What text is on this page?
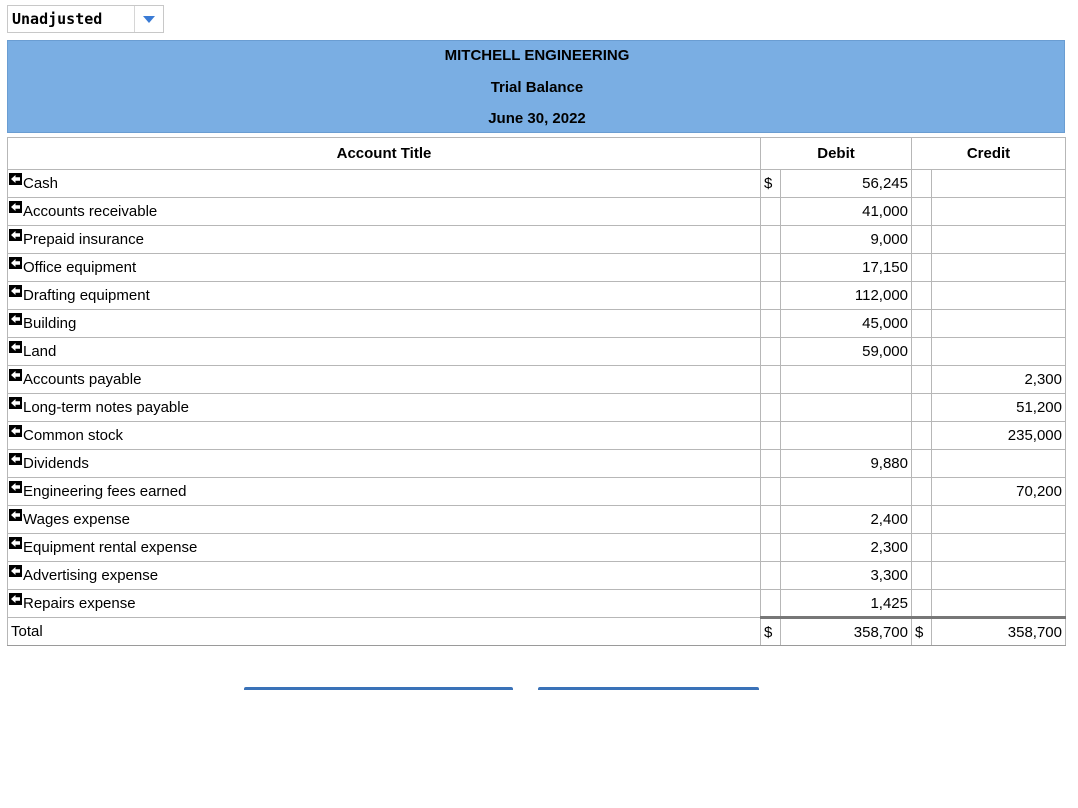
Unadjusted
MITCHELL ENGINEERING
Trial Balance
June 30, 2022
Account Title	Debit		Credit	

Cash	$	56,245		

Accounts receivable		41,000		

Prepaid insurance		9,000		

Office equipment		17,150		

Drafting equipment		112,000		

Building		45,000		

Land		59,000		

Accounts payable				2,300

Long-term notes payable				51,200

Common stock				235,000

Dividends		9,880		

Engineering fees earned				70,200

Wages expense		2,400		

Equipment rental expense		2,300		

Advertising expense		3,300		

Repairs expense		1,425		
Total	$	358,700	$	358,700
